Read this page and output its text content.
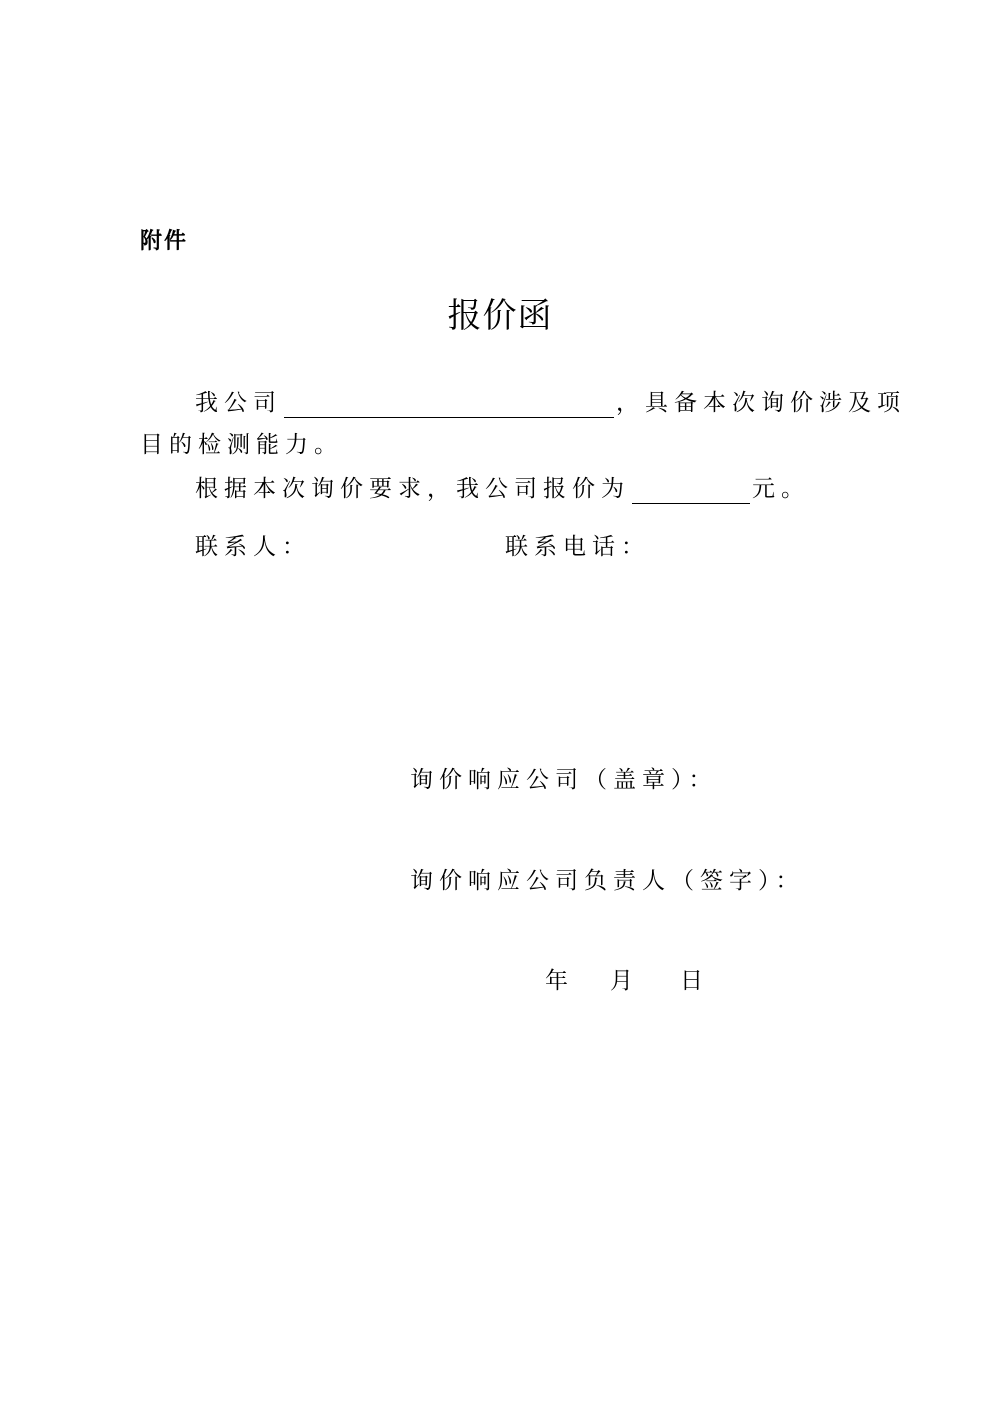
附件
报价函
我公司	，具备本次询价涉及项
目的检测能力。
根据本次询价要求，我公司报价为	元。
联系人：	联系电话：
询价响应公司（盖章）：
询价响应公司负责人（签字）：
年 月 日
